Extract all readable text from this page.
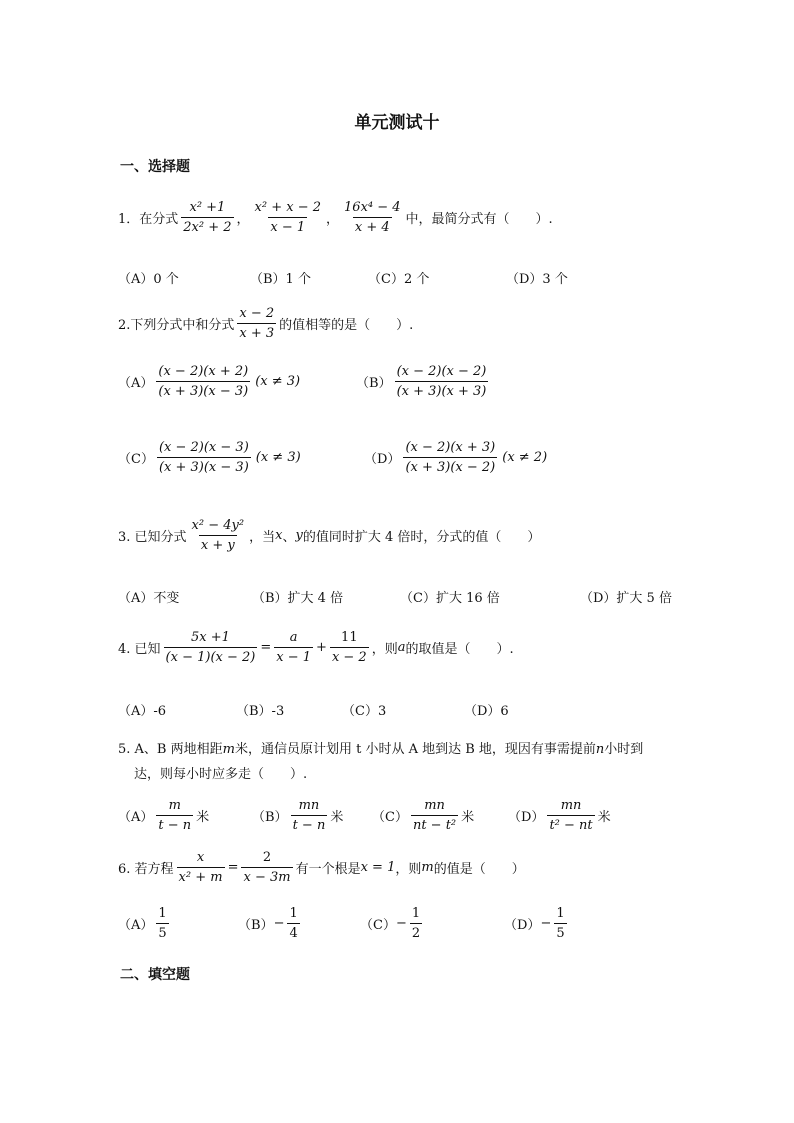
单元测试十
一、选择题
1．在分式 $\frac{\text{x² +1}}{\text{2x² + 2}}$ ， $\frac{\text{x² + x − 2}}{x - 1}$ ， $\frac{\text{16x⁴ − 4}}{x + 4}$ 中，最简分式有（　　）.
（A）0 个	（B）1 个	（C）2 个	（D）3 个
2.下列分式中和分式 $\frac{x - 2}{x + 3}$ 的值相等的是（　　）.
$(A) \frac{(x - 2)(x + 2)}{(x + 3)(x - 3)} (x \ne 3)$	$(B) \frac{(x - 2)(x - 2)}{(x + 3)(x + 3)}$
$(C) \frac{(x - 2)(x - 3)}{(x + 3)(x - 3)} (x \ne 3)$	$(D) \frac{(x - 2)(x + 3)}{(x + 3)(x - 2)} (x \ne 2)$
3. 已知分式 $\frac{\text{x² − 4y²}}{x + y}$ ，当 x 、 y 的值同时扩大 4 倍时，分式的值（　　）
（A）不变	（B）扩大 4 倍	（C）扩大 16 倍	（D）扩大 5 倍
4. 已知 $\frac{5x +1}{(x - 1)(x - 2)} = \frac{a}{x - 1} + \frac{11}{x - 2}$ ，则 a 的取值是（　　）.
（A）-6	（B）-3	（C）3	（D）6
5. A、B 两地相距m米，通信员原计划用 t 小时从 A 地到达 B 地，现因有事需提前n小时到
达，则每小时应多走（　　）.
$(A) \frac{m}{t - n}$ 米	$(B) \frac{mn}{t - n}$ 米 $(C) \frac{mn}{\text{nt − t²}}$ 米	$(D) \frac{mn}{\text{t² − nt}}$ 米
6. 若方程 $\frac{x}{\text{x² + m}} = \frac{2}{x - 3m}$ 有一个根是 x = 1 ，则 m 的值是（　　）
$(A) \frac{1}{5}$	$(B) - \frac{1}{4}$	$(C) - \frac{1}{2}$	$(D) - \frac{1}{5}$
二、填空题
